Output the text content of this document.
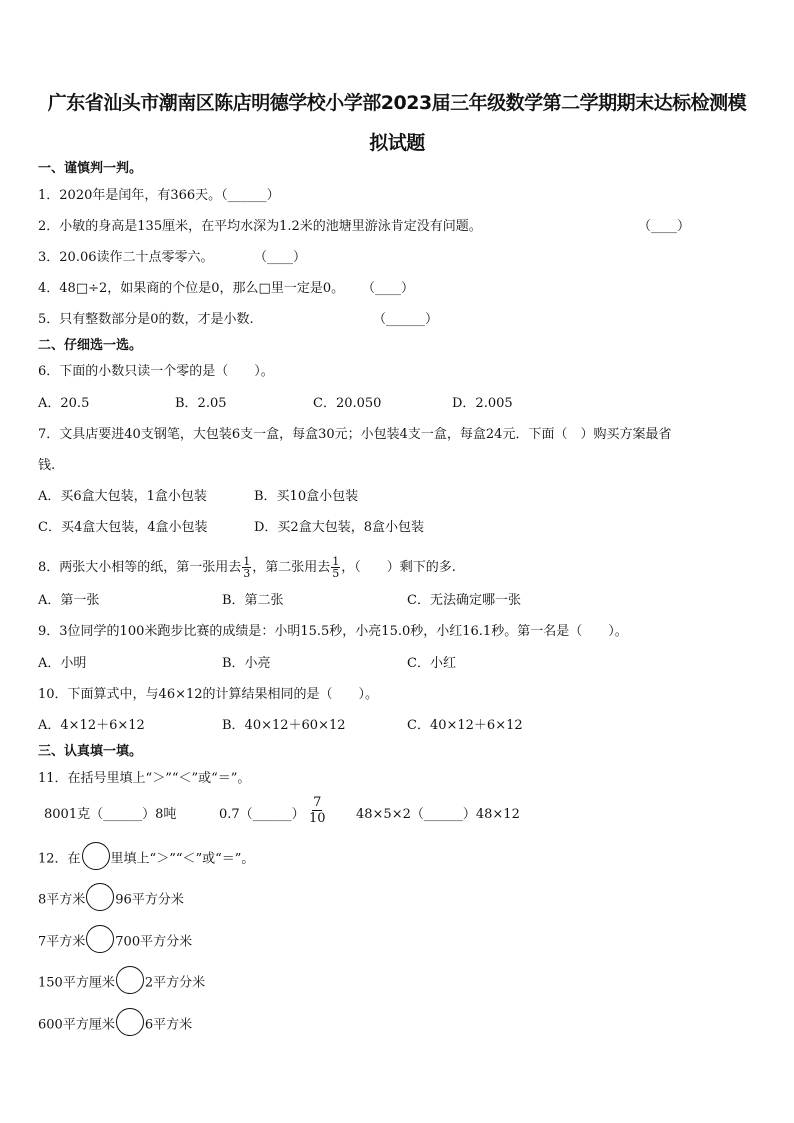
广东省汕头市潮南区陈店明德学校小学部2023届三年级数学第二学期期末达标检测模
拟试题
一、谨慎判一判。
1．2020年是闰年，有366天。（______）
2．小敏的身高是135厘米，在平均水深为1.2米的池塘里游泳肯定没有问题。	（____）
3．20.06读作二十点零零六。	（____）
4．48□÷2，如果商的个位是0，那么□里一定是0。 （____）
5．只有整数部分是0的数，才是小数.	（______）
二、仔细选一选。
6．下面的小数只读一个零的是（　　）。
A．20.5	B．2.05	C．20.050	D．2.005
7．文具店要进40支钢笔，大包装6支一盒，每盒30元；小包装4支一盒，每盒24元．下面（　）购买方案最省
钱.
A．买6盒大包装，1盒小包装	B．买10盒小包装
C．买4盒大包装，4盒小包装	D．买2盒大包装，8盒小包装
8．两张大小相等的纸，第一张用去 $\frac{1}{3}$ ，第二张用去 $\frac{1}{5}$ ，（　　）剩下的多.
A．第一张	B．第二张	C．无法确定哪一张
9．3位同学的100米跑步比赛的成绩是：小明15.5秒，小亮15.0秒，小红16.1秒。第一名是（　　）。
A．小明	B．小亮	C．小红
10．下面算式中，与46×12的计算结果相同的是（　　）。
A．4×12＋6×12	B．40×12＋60×12	C．40×12＋6×12
三、认真填一填。
11．在括号里填上“＞”“＜”或“＝”。
8001克（______）8吨	0.7（______） $\frac{7}{10}$ 48×5×2（______）48×12
12．在 里填上“＞”“＜”或“＝”。
8平方米 96平方分米
7平方米 700平方分米
150平方厘米 2平方分米
600平方厘米 6平方米
